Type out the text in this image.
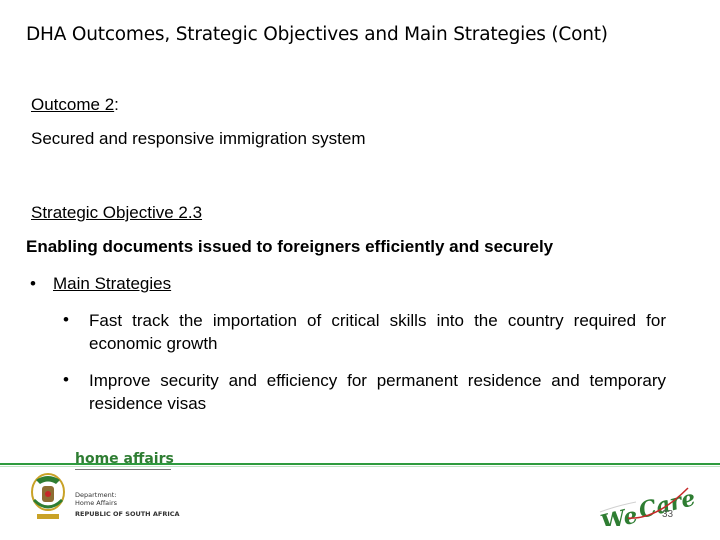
DHA Outcomes, Strategic Objectives and Main Strategies (Cont)
Outcome 2:
Secured and responsive immigration system
Strategic Objective 2.3
Enabling documents issued to foreigners efficiently and securely
• Main Strategies
• Fast track the importation of critical skills into the country required for economic growth
• Improve security and efficiency for permanent residence and temporary residence visas
home affairs
Department:
Home Affairs
REPUBLIC OF SOUTH AFRICA	We
Care!
33
